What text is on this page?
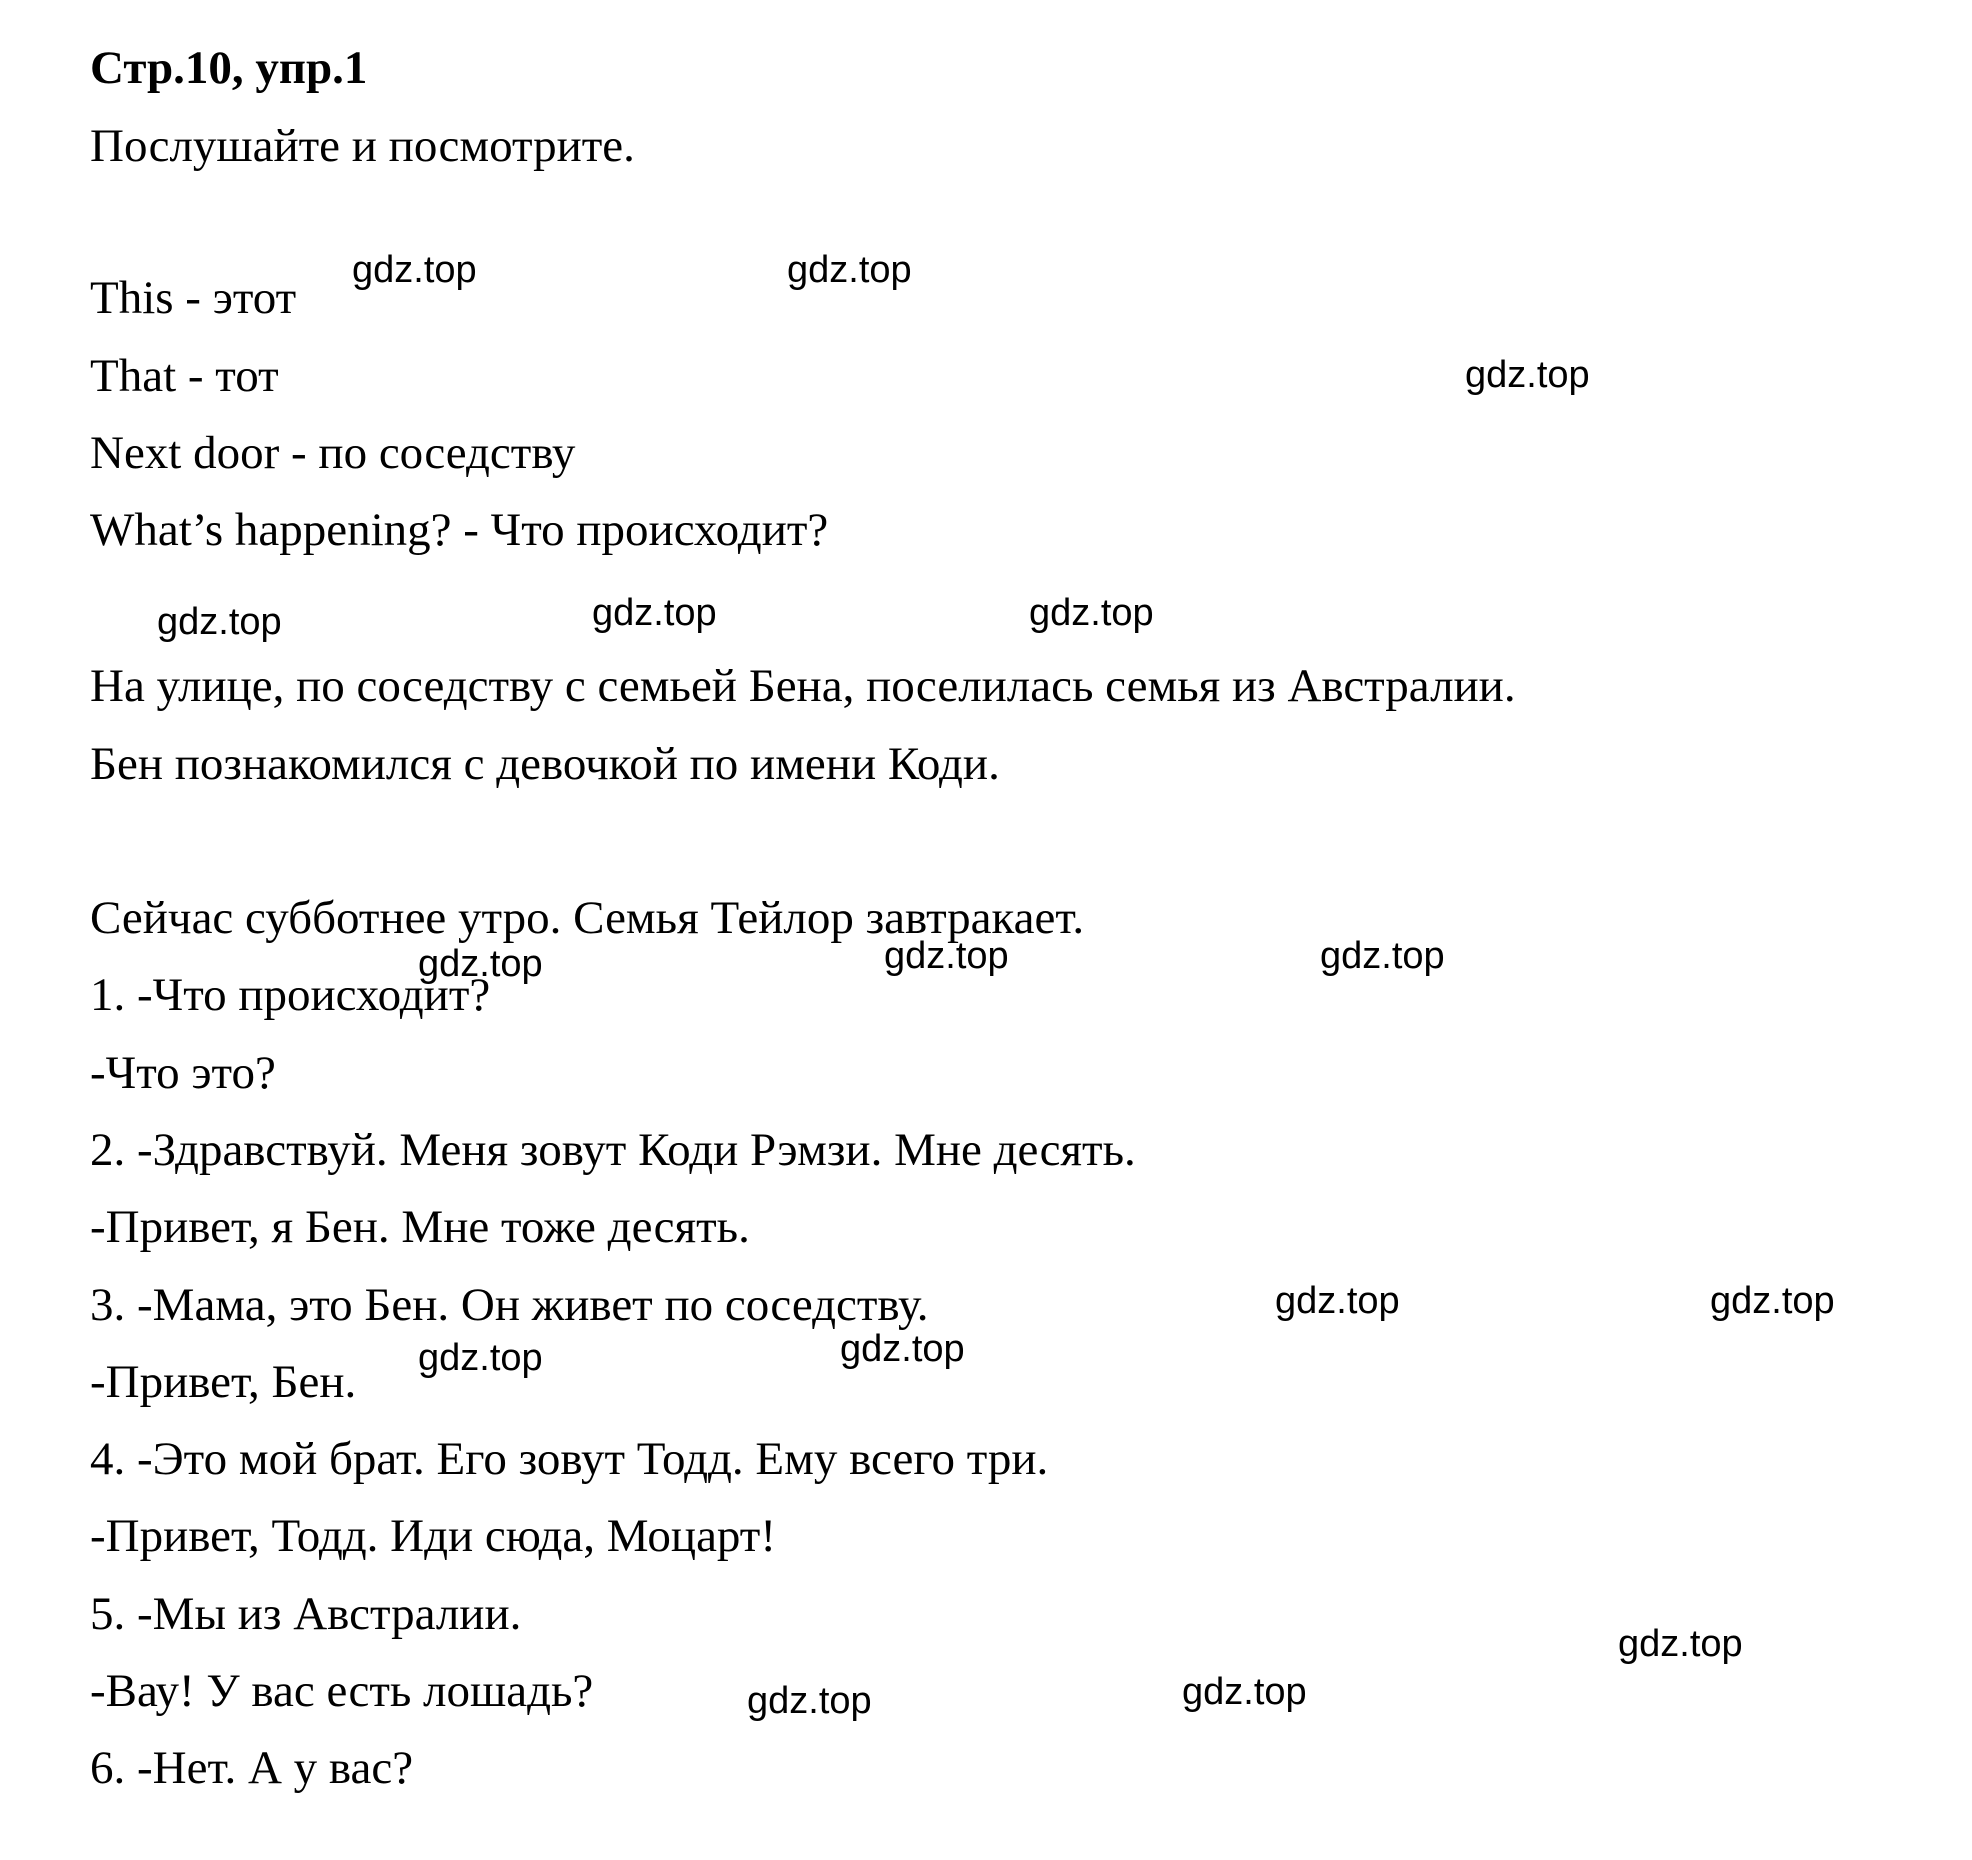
Стр.10, упр.1
Послушайте и посмотрите.
This - этот
That - тот
Next door - по соседству
What’s happening? - Что происходит?
На улице, по соседству с семьей Бена, поселилась семья из Австралии.
Бен познакомился с девочкой по имени Коди.
Сейчас субботнее утро. Семья Тейлор завтракает.
1. -Что происходит?
-Что это?
2. -Здравствуй. Меня зовут Коди Рэмзи. Мне десять.
-Привет, я Бен. Мне тоже десять.
3. -Мама, это Бен. Он живет по соседству.
-Привет, Бен.
4. -Это мой брат. Его зовут Тодд. Ему всего три.
-Привет, Тодд. Иди сюда, Моцарт!
5. -Мы из Австралии.
-Вау! У вас есть лошадь?
6. -Нет. А у вас?
gdz.top	gdz.top
gdz.top
gdz.top	gdz.top	gdz.top
gdz.top	gdz.top	gdz.top
gdz.top	gdz.top
gdz.top	gdz.top
gdz.top
gdz.top	gdz.top
